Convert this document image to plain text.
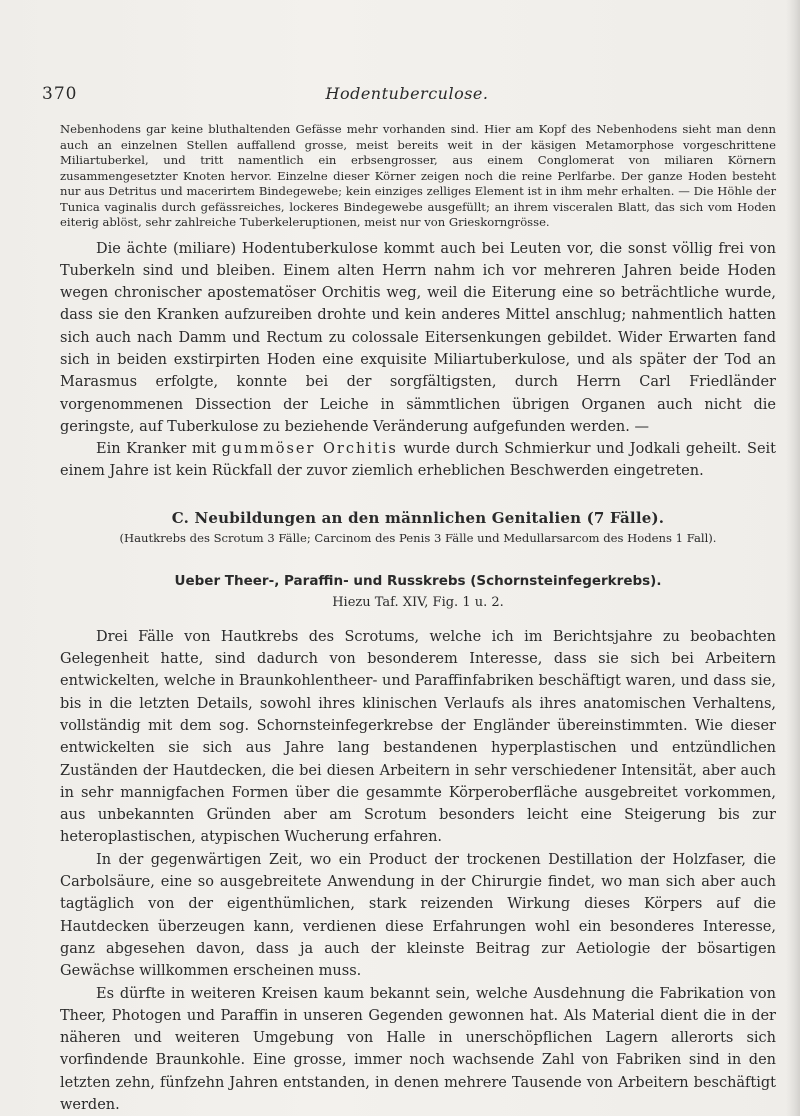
370	Hodentuberculose.

Nebenhodens gar keine bluthaltenden Gefässe mehr vorhanden sind. Hier am Kopf des Nebenhodens sieht man denn auch an einzelnen Stellen auffallend grosse, meist bereits weit in der käsigen Metamorphose vorgeschrittene Miliartuberkel, und tritt namentlich ein erbsengrosser, aus einem Conglomerat von miliaren Körnern zusammengesetzter Knoten hervor. Einzelne dieser Körner zeigen noch die reine Perlfarbe. Der ganze Hoden besteht nur aus Detritus und macerirtem Bindegewebe; kein einziges zelliges Element ist in ihm mehr erhalten. — Die Höhle der Tunica vaginalis durch gefässreiches, lockeres Bindegewebe ausgefüllt; an ihrem visceralen Blatt, das sich vom Hoden eiterig ablöst, sehr zahlreiche Tuberkeleruptionen, meist nur von Grieskorngrösse.

Die ächte (miliare) Hodentuberkulose kommt auch bei Leuten vor, die sonst völlig frei von Tuberkeln sind und bleiben. Einem alten Herrn nahm ich vor mehreren Jahren beide Hoden wegen chronischer apostematöser Orchitis weg, weil die Eiterung eine so beträchtliche wurde, dass sie den Kranken aufzureiben drohte und kein anderes Mittel anschlug; nahmentlich hatten sich auch nach Damm und Rectum zu colossale Eitersenkungen gebildet. Wider Erwarten fand sich in beiden exstirpirten Hoden eine exquisite Miliartuberkulose, und als später der Tod an Marasmus erfolgte, konnte bei der sorgfältigsten, durch Herrn Carl Friedländer vorgenommenen Dissection der Leiche in sämmtlichen übrigen Organen auch nicht die geringste, auf Tuberkulose zu beziehende Veränderung aufgefunden werden. —

Ein Kranker mit gummöser Orchitis wurde durch Schmierkur und Jodkali geheilt. Seit einem Jahre ist kein Rückfall der zuvor ziemlich erheblichen Beschwerden eingetreten.

C. Neubildungen an den männlichen Genitalien (7 Fälle).
(Hautkrebs des Scrotum 3 Fälle; Carcinom des Penis 3 Fälle und Medullarsarcom des Hodens 1 Fall).
Ueber Theer-, Paraffin- und Russkrebs (Schornsteinfegerkrebs).
Hiezu Taf. XIV, Fig. 1 u. 2.

Drei Fälle von Hautkrebs des Scrotums, welche ich im Berichtsjahre zu beobachten Gelegenheit hatte, sind dadurch von besonderem Interesse, dass sie sich bei Arbeitern entwickelten, welche in Braunkohlentheer- und Paraffinfabriken beschäftigt waren, und dass sie, bis in die letzten Details, sowohl ihres klinischen Verlaufs als ihres anatomischen Verhaltens, vollständig mit dem sog. Schornsteinfegerkrebse der Engländer übereinstimmten. Wie dieser entwickelten sie sich aus Jahre lang bestandenen hyperplastischen und entzündlichen Zuständen der Hautdecken, die bei diesen Arbeitern in sehr verschiedener Intensität, aber auch in sehr mannigfachen Formen über die gesammte Körperoberfläche ausgebreitet vorkommen, aus unbekannten Gründen aber am Scrotum besonders leicht eine Steigerung bis zur heteroplastischen, atypischen Wucherung erfahren.

In der gegenwärtigen Zeit, wo ein Product der trockenen Destillation der Holzfaser, die Carbolsäure, eine so ausgebreitete Anwendung in der Chirurgie findet, wo man sich aber auch tagtäglich von der eigenthümlichen, stark reizenden Wirkung dieses Körpers auf die Hautdecken überzeugen kann, verdienen diese Erfahrungen wohl ein besonderes Interesse, ganz abgesehen davon, dass ja auch der kleinste Beitrag zur Aetiologie der bösartigen Gewächse willkommen erscheinen muss.

Es dürfte in weiteren Kreisen kaum bekannt sein, welche Ausdehnung die Fabrikation von Theer, Photogen und Paraffin in unseren Gegenden gewonnen hat. Als Material dient die in der näheren und weiteren Umgebung von Halle in unerschöpflichen Lagern allerorts sich vorfindende Braunkohle. Eine grosse, immer noch wachsende Zahl von Fabriken sind in den letzten zehn, fünfzehn Jahren entstanden, in denen mehrere Tausende von Arbeitern beschäftigt werden.
